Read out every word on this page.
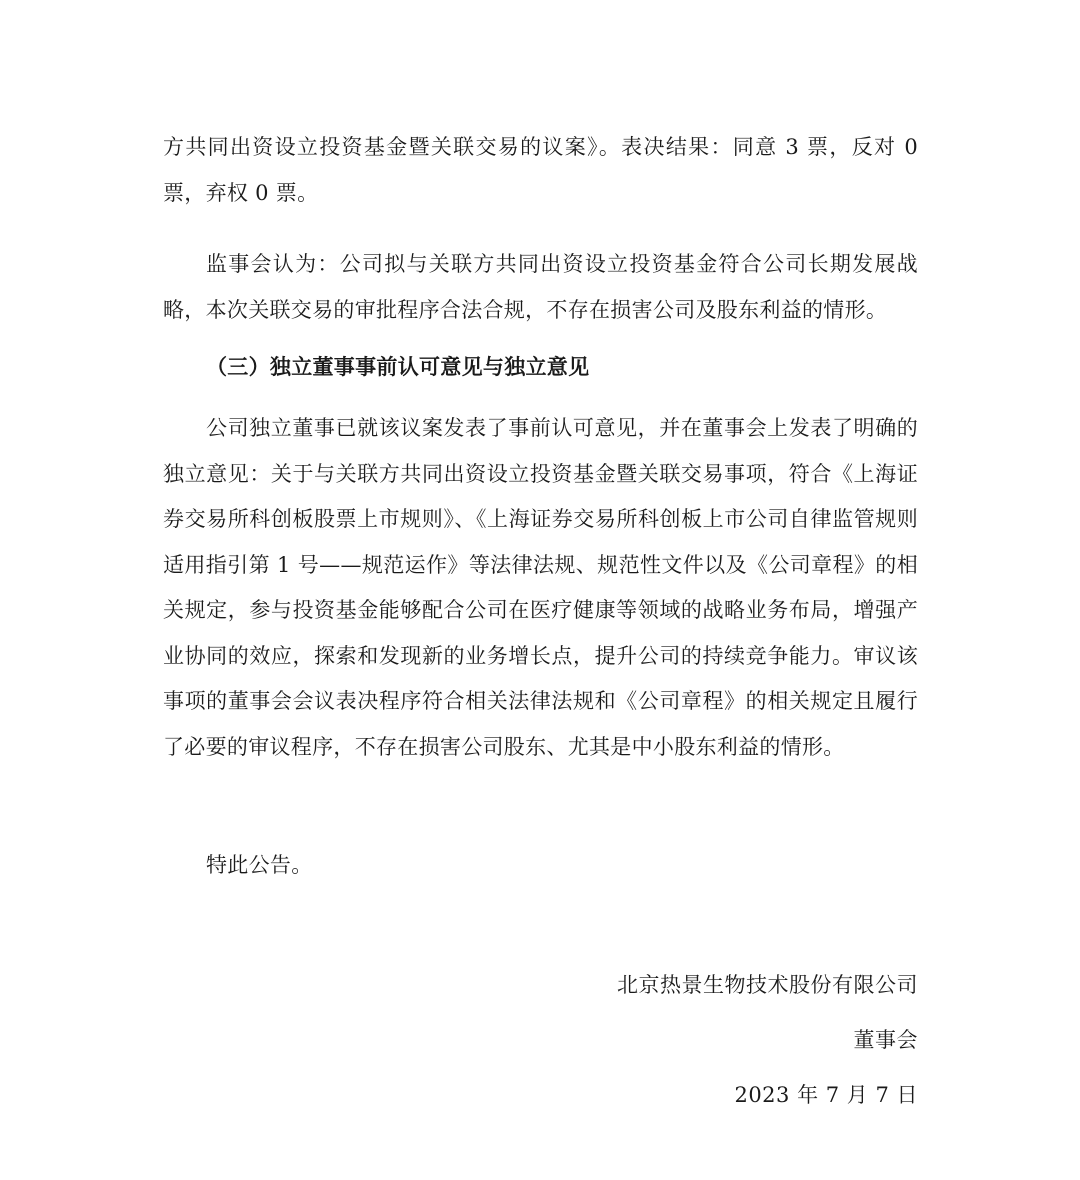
方共同出资设立投资基金暨关联交易的议案》。表决结果：同意 3 票，反对 0 票，弃权 0 票。

监事会认为：公司拟与关联方共同出资设立投资基金符合公司长期发展战略，本次关联交易的审批程序合法合规，不存在损害公司及股东利益的情形。

（三）独立董事事前认可意见与独立意见

公司独立董事已就该议案发表了事前认可意见，并在董事会上发表了明确的独立意见：关于与关联方共同出资设立投资基金暨关联交易事项，符合《上海证券交易所科创板股票上市规则》、《上海证券交易所科创板上市公司自律监管规则适用指引第 1 号——规范运作》等法律法规、规范性文件以及《公司章程》的相关规定，参与投资基金能够配合公司在医疗健康等领域的战略业务布局，增强产业协同的效应，探索和发现新的业务增长点，提升公司的持续竞争能力。审议该事项的董事会会议表决程序符合相关法律法规和《公司章程》的相关规定且履行了必要的审议程序，不存在损害公司股东、尤其是中小股东利益的情形。

特此公告。
北京热景生物技术股份有限公司
董事会
2023 年 7 月 7 日
